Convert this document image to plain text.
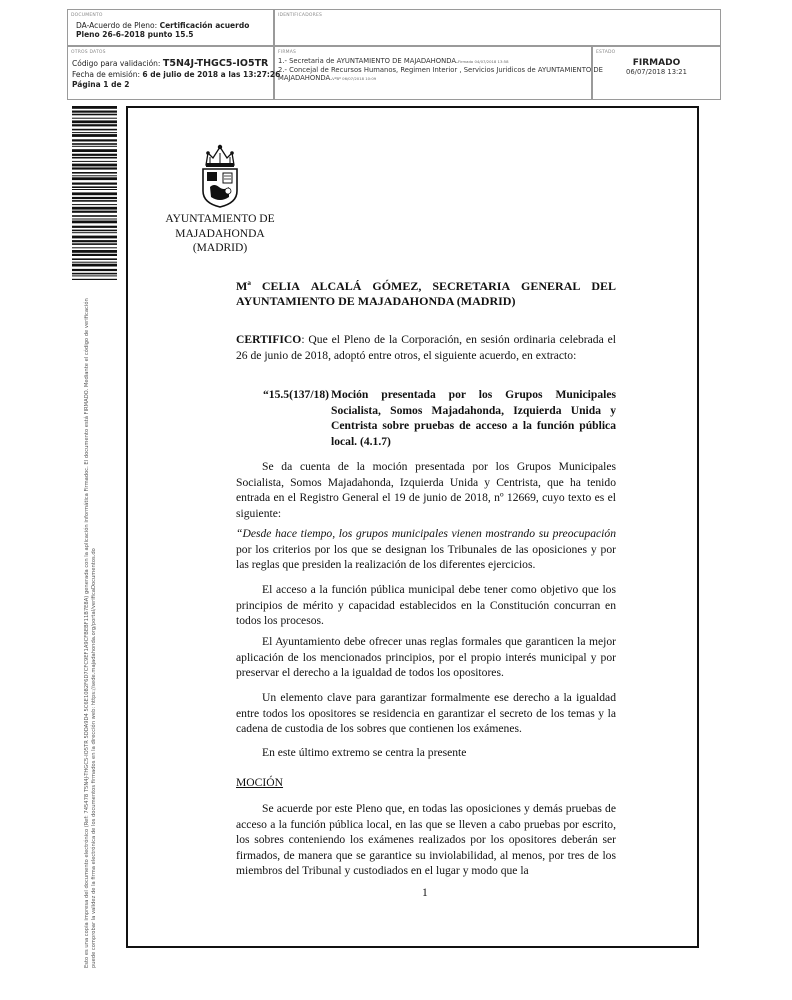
DOCUMENTO
DA-Acuerdo de Pleno: Certificación acuerdo
Pleno 26-6-2018 punto 15.5
IDENTIFICADORES
OTROS DATOS
Código para validación: T5N4J-THGC5-IO5TR
Fecha de emisión: 6 de julio de 2018 a las 13:27:26
Página 1 de 2
FIRMAS
1.- Secretaria de AYUNTAMIENTO DE MAJADAHONDA.Firmado 04/07/2018 13:58
2.- Concejal de Recursos Humanos, Regimen Interior , Servicios Juridicos de AYUNTAMIENTO DE
MAJADAHONDA.VºBº 06/07/2018 10:09
ESTADO
FIRMADO
06/07/2018 13:21
Esto es una copia impresa del documento electrónico (Ref: 745478 T5N4J-THGC5-IO5TR 5DDA9D4 5C6E1082F6D7CFC9EF1A9CFBEBF11B7E8A) generada con la aplicación informática Firmadoc. El documento está FIRMADO. Mediante el código de verificación puede comprobar la validez de la firma electrónica de los documentos firmados en la dirección web: https://sede.majadahonda.org/portal/verificaDocumentos.do
AYUNTAMIENTO DE
MAJADAHONDA
(MADRID)
Mª CELIA ALCALÁ GÓMEZ, SECRETARIA GENERAL DEL
AYUNTAMIENTO DE MAJADAHONDA (MADRID)
CERTIFICO: Que el Pleno de la Corporación, en sesión ordinaria celebrada el 26 de junio de 2018, adoptó entre otros, el siguiente acuerdo, en extracto:
“15.5(137/18) Moción presentada por los Grupos Municipales Socialista, Somos Majadahonda, Izquierda Unida y Centrista sobre pruebas de acceso a la función pública local. (4.1.7)
Se da cuenta de la moción presentada por los Grupos Municipales Socialista, Somos Majadahonda, Izquierda Unida y Centrista, que ha tenido entrada en el Registro General el 19 de junio de 2018, nº 12669, cuyo texto es el siguiente:
“Desde hace tiempo, los grupos municipales vienen mostrando su preocupación por los criterios por los que se designan los Tribunales de las oposiciones y por las reglas que presiden la realización de los diferentes ejercicios.
El acceso a la función pública municipal debe tener como objetivo que los principios de mérito y capacidad establecidos en la Constitución concurran en todos los procesos.
El Ayuntamiento debe ofrecer unas reglas formales que garanticen la mejor aplicación de los mencionados principios, por el propio interés municipal y por preservar el derecho a la igualdad de todos los opositores.
Un elemento clave para garantizar formalmente ese derecho a la igualdad entre todos los opositores se residencia en garantizar el secreto de los temas y la cadena de custodia de los sobres que contienen los exámenes.
En este último extremo se centra la presente
MOCIÓN
Se acuerde por este Pleno que, en todas las oposiciones y demás pruebas de acceso a la función pública local, en las que se lleven a cabo pruebas por escrito, los sobres conteniendo los exámenes realizados por los opositores deberán ser firmados, de manera que se garantice su inviolabilidad, al menos, por tres de los miembros del Tribunal y custodiados en el lugar y modo que la
1
